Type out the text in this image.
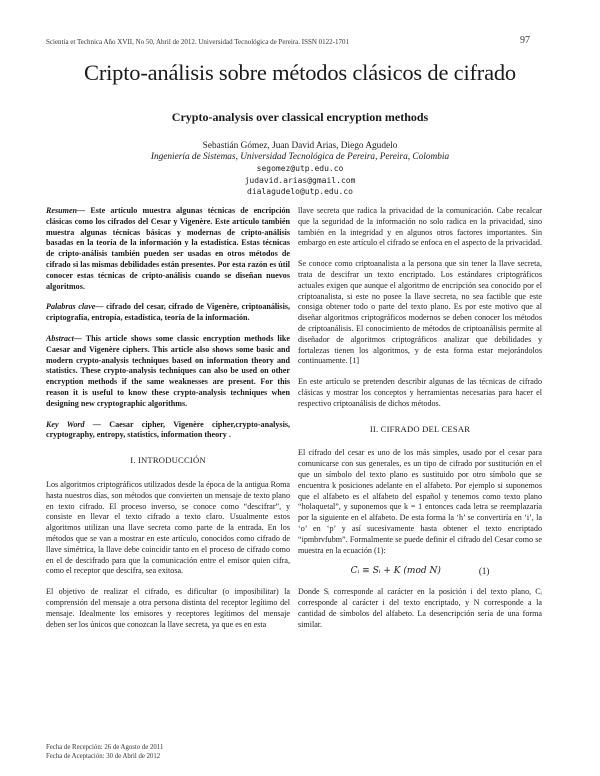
Scientia et Technica Año XVII, No 50, Abril de 2012. Universidad Tecnológica de Pereira. ISSN 0122-1701	97
Cripto-análisis sobre métodos clásicos de cifrado
Crypto-analysis over classical encryption methods
Sebastián Gómez, Juan David Arias, Diego Agudelo
Ingeniería de Sistemas, Universidad Tecnológica de Pereira, Pereira, Colombia
segomez@utp.edu.co
judavid.arias@gmail.com
dialagudelo@utp.edu.co

Resumen— Este artículo muestra algunas técnicas de encripción clásicas como los cifrados del Cesar y Vigenère. Este artículo también muestra algunas técnicas básicas y modernas de cripto-análisis basadas en la teoría de la información y la estadística. Estas técnicas de cripto-análisis también pueden ser usadas en otros métodos de cifrado si las mismas debilidades están presentes. Por esta razón es útil conocer estas técnicas de cripto-análisis cuando se diseñan nuevos algoritmos.

Palabras clave— cifrado del cesar, cifrado de Vigenère, criptoanálisis, criptografía, entropía, estadística, teoría de la información.

Abstract— This article shows some classic encryption methods like Caesar and Vigenère ciphers. This article also shows some basic and modern crypto-analysis techniques based on information theory and statistics. These crypto-analysis techniques can also be used on other encryption methods if the same weaknesses are present. For this reason it is useful to know these crypto-analysis techniques when designing new cryptographic algorithms.

Key Word — Caesar cipher, Vigenère cipher,crypto-analysis, cryptography, entropy, statistics, information theory .

I. INTRODUCCIÓN

Los algoritmos criptográficos utilizados desde la época de la antigua Roma hasta nuestros días, son métodos que convierten un mensaje de texto plano en texto cifrado. El proceso inverso, se conoce como “descifrar”, y consiste en llevar el texto cifrado a texto claro. Usualmente estos algoritmos utilizan una llave secreta como parte de la entrada. En los métodos que se van a mostrar en este artículo, conocidos como cifrado de llave simétrica, la llave debe coincidir tanto en el proceso de cifrado como en el de descifrado para que la comunicación entre el emisor quien cifra, como el receptor que descifra, sea exitosa.

El objetivo de realizar el cifrado, es dificultar (o imposibilitar) la comprensión del mensaje a otra persona distinta del receptor legítimo del mensaje. Idealmente los emisores y receptores legítimos del mensaje deben ser los únicos que conozcan la llave secreta, ya que es en esta

llave secreta que radica la privacidad de la comunicación. Cabe recalcar que la seguridad de la información no solo radica en la privacidad, sino también en la integridad y en algunos otros factores importantes. Sin embargo en este artículo el cifrado se enfoca en el aspecto de la privacidad.

Se conoce como criptoanalista a la persona que sin tener la llave secreta, trata de descifrar un texto encriptado. Los estándares criptográficos actuales exigen que aunque el algoritmo de encripción sea conocido por el criptoanalista, si este no posee la llave secreta, no sea factible que este consiga obtener todo o parte del texto plano. Es por este motivo que al diseñar algoritmos criptográficos modernos se deben conocer los métodos de criptoanálisis. El conocimiento de métodos de criptoanálisis permite al diseñador de algoritmos criptográficos analizar que debilidades y fortalezas tienen los algoritmos, y de esta forma estar mejorándolos continuamente. [1]

En este artículo se pretenden describir algunas de las técnicas de cifrado clásicas y mostrar los conceptos y herramientas necesarias para hacer el respectivo criptoanálisis de dichos métodos.

II. CIFRADO DEL CESAR

El cifrado del cesar es uno de los más simples, usado por el cesar para comunicarse con sus generales, es un tipo de cifrado por sustitución en el que un símbolo del texto plano es sustituido por otro símbolo que se encuentra k posiciones adelante en el alfabeto. Por ejemplo si suponemos que el alfabeto es el alfabeto del español y tenemos como texto plano “holaquetal”, y suponemos que k = 1 entonces cada letra se reemplazaría por la siguiente en el alfabeto. De esta forma la ‘h’ se convertiría en ‘i’, la ‘o’ en ‘p’ y así sucesivamente hasta obtener el texto encriptado “ipmbrvfubm”. Formalmente se puede definir el cifrado del Cesar como se muestra en la ecuación (1):

Cᵢ ≡ Sᵢ + K (mod N)	(1)

Donde Sᵢ corresponde al carácter en la posición i del texto plano, Cᵢ corresponde al carácter i del texto encriptado, y N corresponde a la cantidad de símbolos del alfabeto. La desencripción sería de una forma similar.

Fecha de Recepción: 26 de Agosto de 2011
Fecha de Aceptación: 30 de Abril de 2012
